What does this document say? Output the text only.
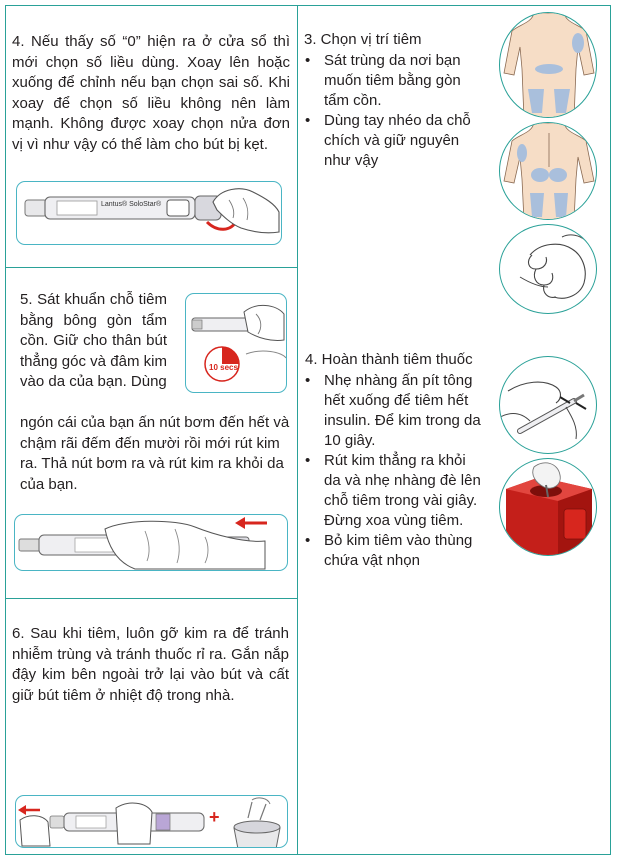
4. Nếu thấy số “0” hiện ra ở cửa sổ thì mới chọn số liều dùng. Xoay lên hoặc xuống để chỉnh nếu bạn chọn sai số. Khi xoay để chọn số liều không nên làm mạnh. Không được xoay chọn nửa đơn vị vì như vậy có thể làm cho bút bị kẹt.

Lantus® SoloStar®

5. Sát khuẩn chỗ tiêm bằng bông gòn tẩm cồn. Giữ cho thân bút thẳng góc và đâm kim vào da của bạn. Dùng

ngón cái của bạn ấn nút bơm đến hết và chậm rãi đếm đến mười rồi mới rút kim ra. Thả nút bơm ra và rút kim ra khỏi da của bạn.

10 secs

6. Sau khi tiêm, luôn gỡ kim ra để tránh nhiễm trùng và tránh thuốc rỉ ra. Gắn nắp đậy kim bên ngoài trở lại vào bút và cất giữ bút tiêm ở nhiệt độ trong nhà.

+

3. Chọn vị trí tiêm

• Sát trùng da nơi bạn muốn tiêm bằng gòn tẩm cồn.
• Dùng tay nhéo da chỗ chích và giữ nguyên như vậy

4. Hoàn thành tiêm thuốc

• Nhẹ nhàng ấn pít tông hết xuống để tiêm hết insulin. Để kim trong da 10 giây.
• Rút kim thẳng ra khỏi da và nhẹ nhàng đè lên chỗ tiêm trong vài giây. Đừng xoa vùng tiêm.
• Bỏ kim tiêm vào thùng chứa vật nhọn
